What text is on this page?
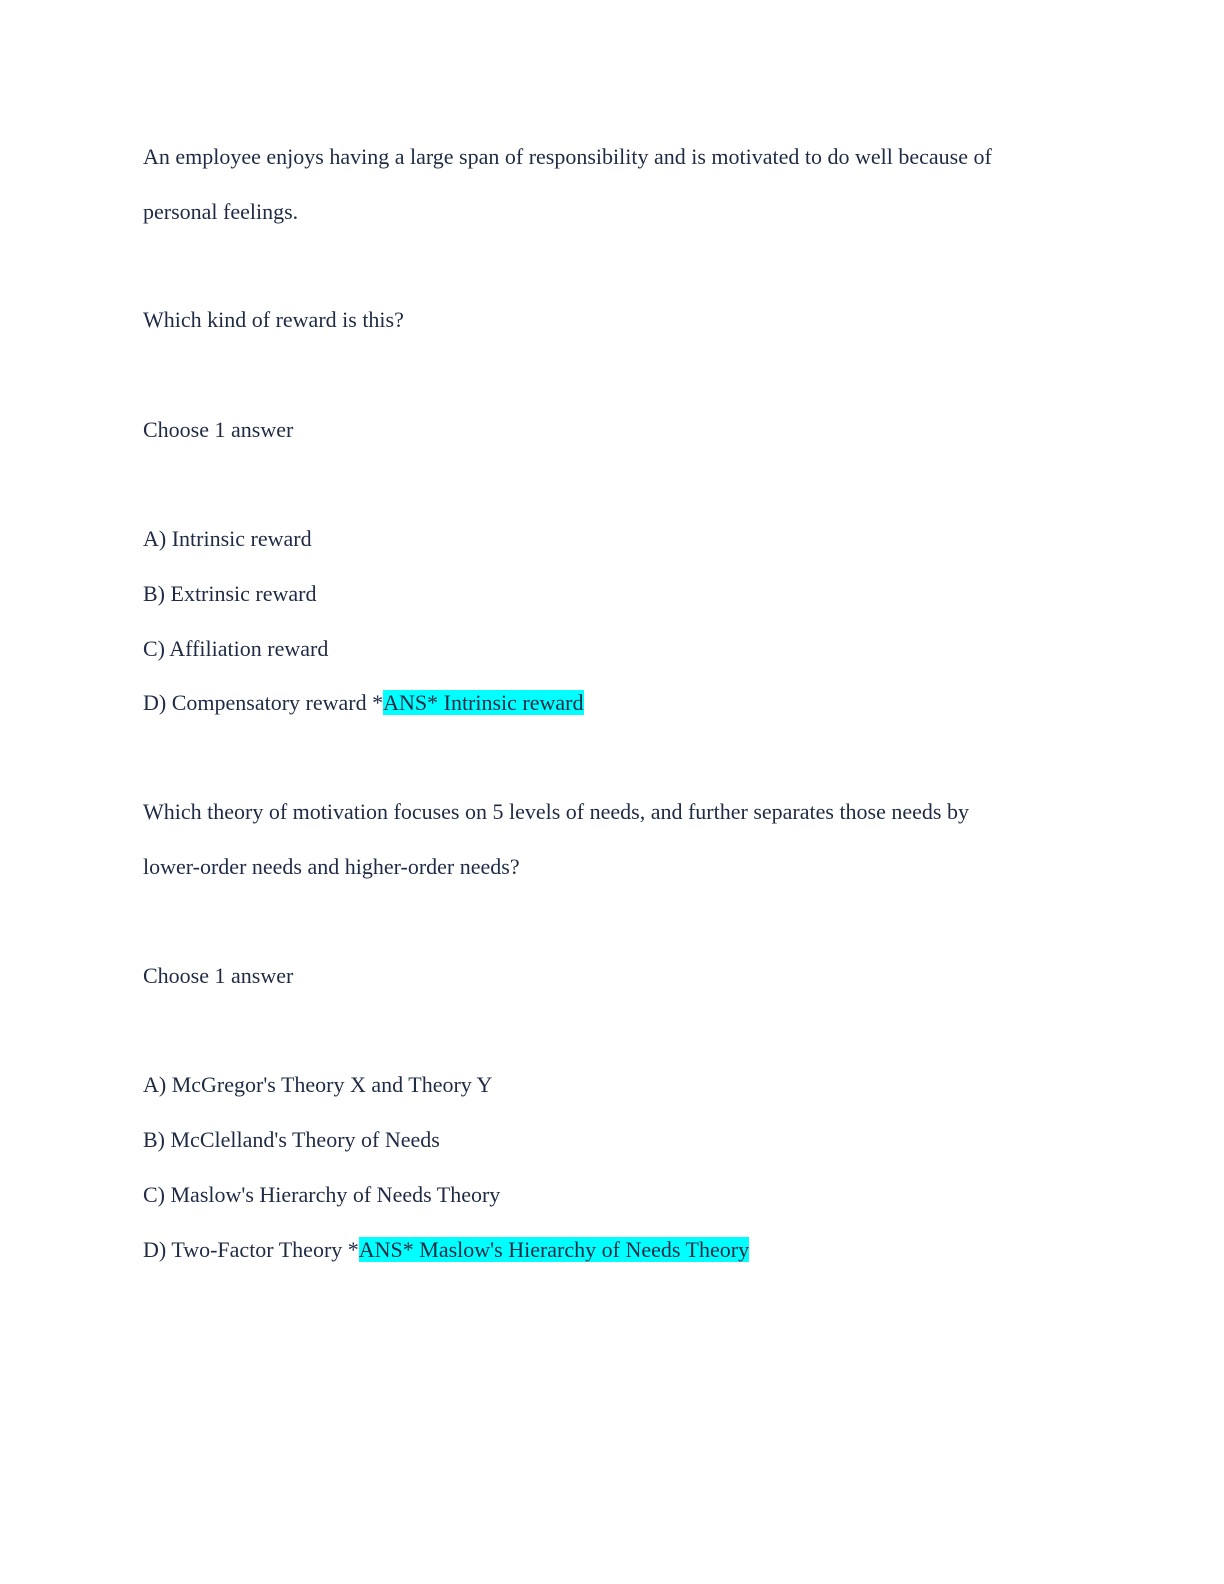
An employee enjoys having a large span of responsibility and is motivated to do well because of
personal feelings.
Which kind of reward is this?
Choose 1 answer
A) Intrinsic reward
B) Extrinsic reward
C) Affiliation reward
D) Compensatory reward *ANS* Intrinsic reward
Which theory of motivation focuses on 5 levels of needs, and further separates those needs by
lower-order needs and higher-order needs?
Choose 1 answer
A) McGregor's Theory X and Theory Y
B) McClelland's Theory of Needs
C) Maslow's Hierarchy of Needs Theory
D) Two-Factor Theory *ANS* Maslow's Hierarchy of Needs Theory
